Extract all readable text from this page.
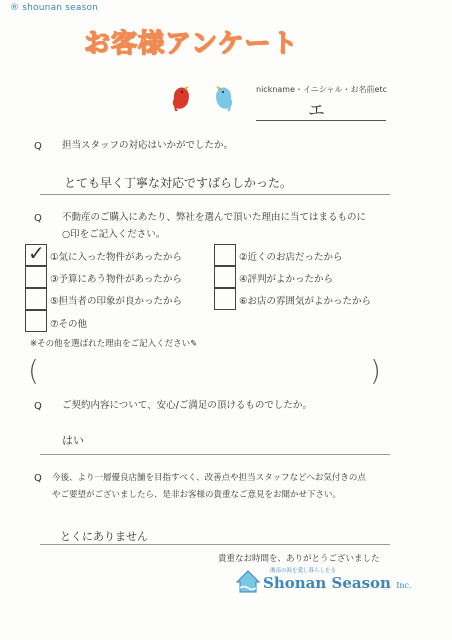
® shounan season
お客様アンケート
nickname・イニシャル・お名前etc
エ
Q 担当スタッフの対応はいかがでしたか。
とても早く丁寧な対応ですばらしかった。
Q 不動産のご購入にあたり、弊社を選んで頂いた理由に当てはまるものに
○印をご記入ください。
✓ ①気に入った物件があったから	②近くのお店だったから
③予算にあう物件があったから	④評判がよかったから
⑤担当者の印象が良かったから	⑥お店の雰囲気がよかったから
⑦その他
※その他を選ばれた理由をご記入ください✎
(	)
Q ご契約内容について、安心/ご満足の頂けるものでしたか。
はい
Q 今後、より一層優良店舗を目指すべく、改善点や担当スタッフなどへお気付きの点
やご要望がございましたら、是非お客様の貴重なご意見をお聞かせ下さい。
とくにありません
貴重なお時間を、ありがとうございました
湘南の海を愛し暮らしをる
Shonan Season Inc.
